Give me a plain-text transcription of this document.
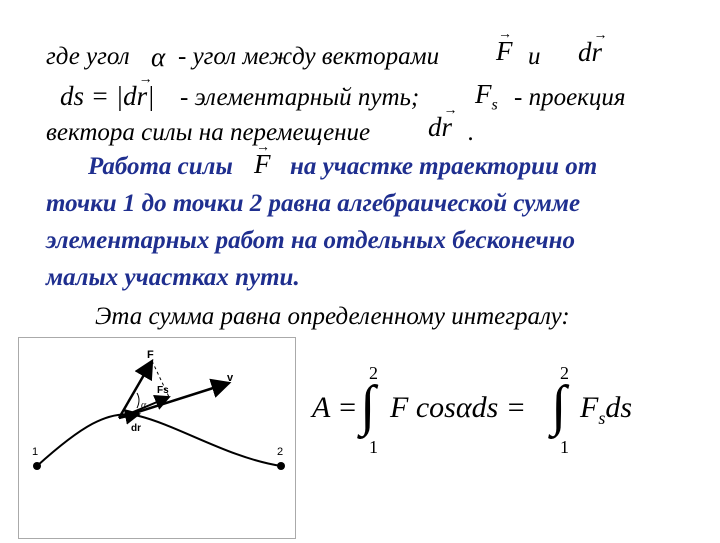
где угол α - угол между векторами → F и d→ r
ds = |d→ r| - элементарный путь; $F_s$ - проекция
вектора силы на перемещение d→ r .
Работа силы → F на участке траектории от
точки 1 до точки 2 равна алгебраической сумме
элементарных работ на отдельных бесконечно
малых участках пути.
Эта сумма равна определенному интегралу:
F
Fs
v
dr
α
1	2
A =
2
∫
1
F cosαds =
2
∫
1
$F_sds$
